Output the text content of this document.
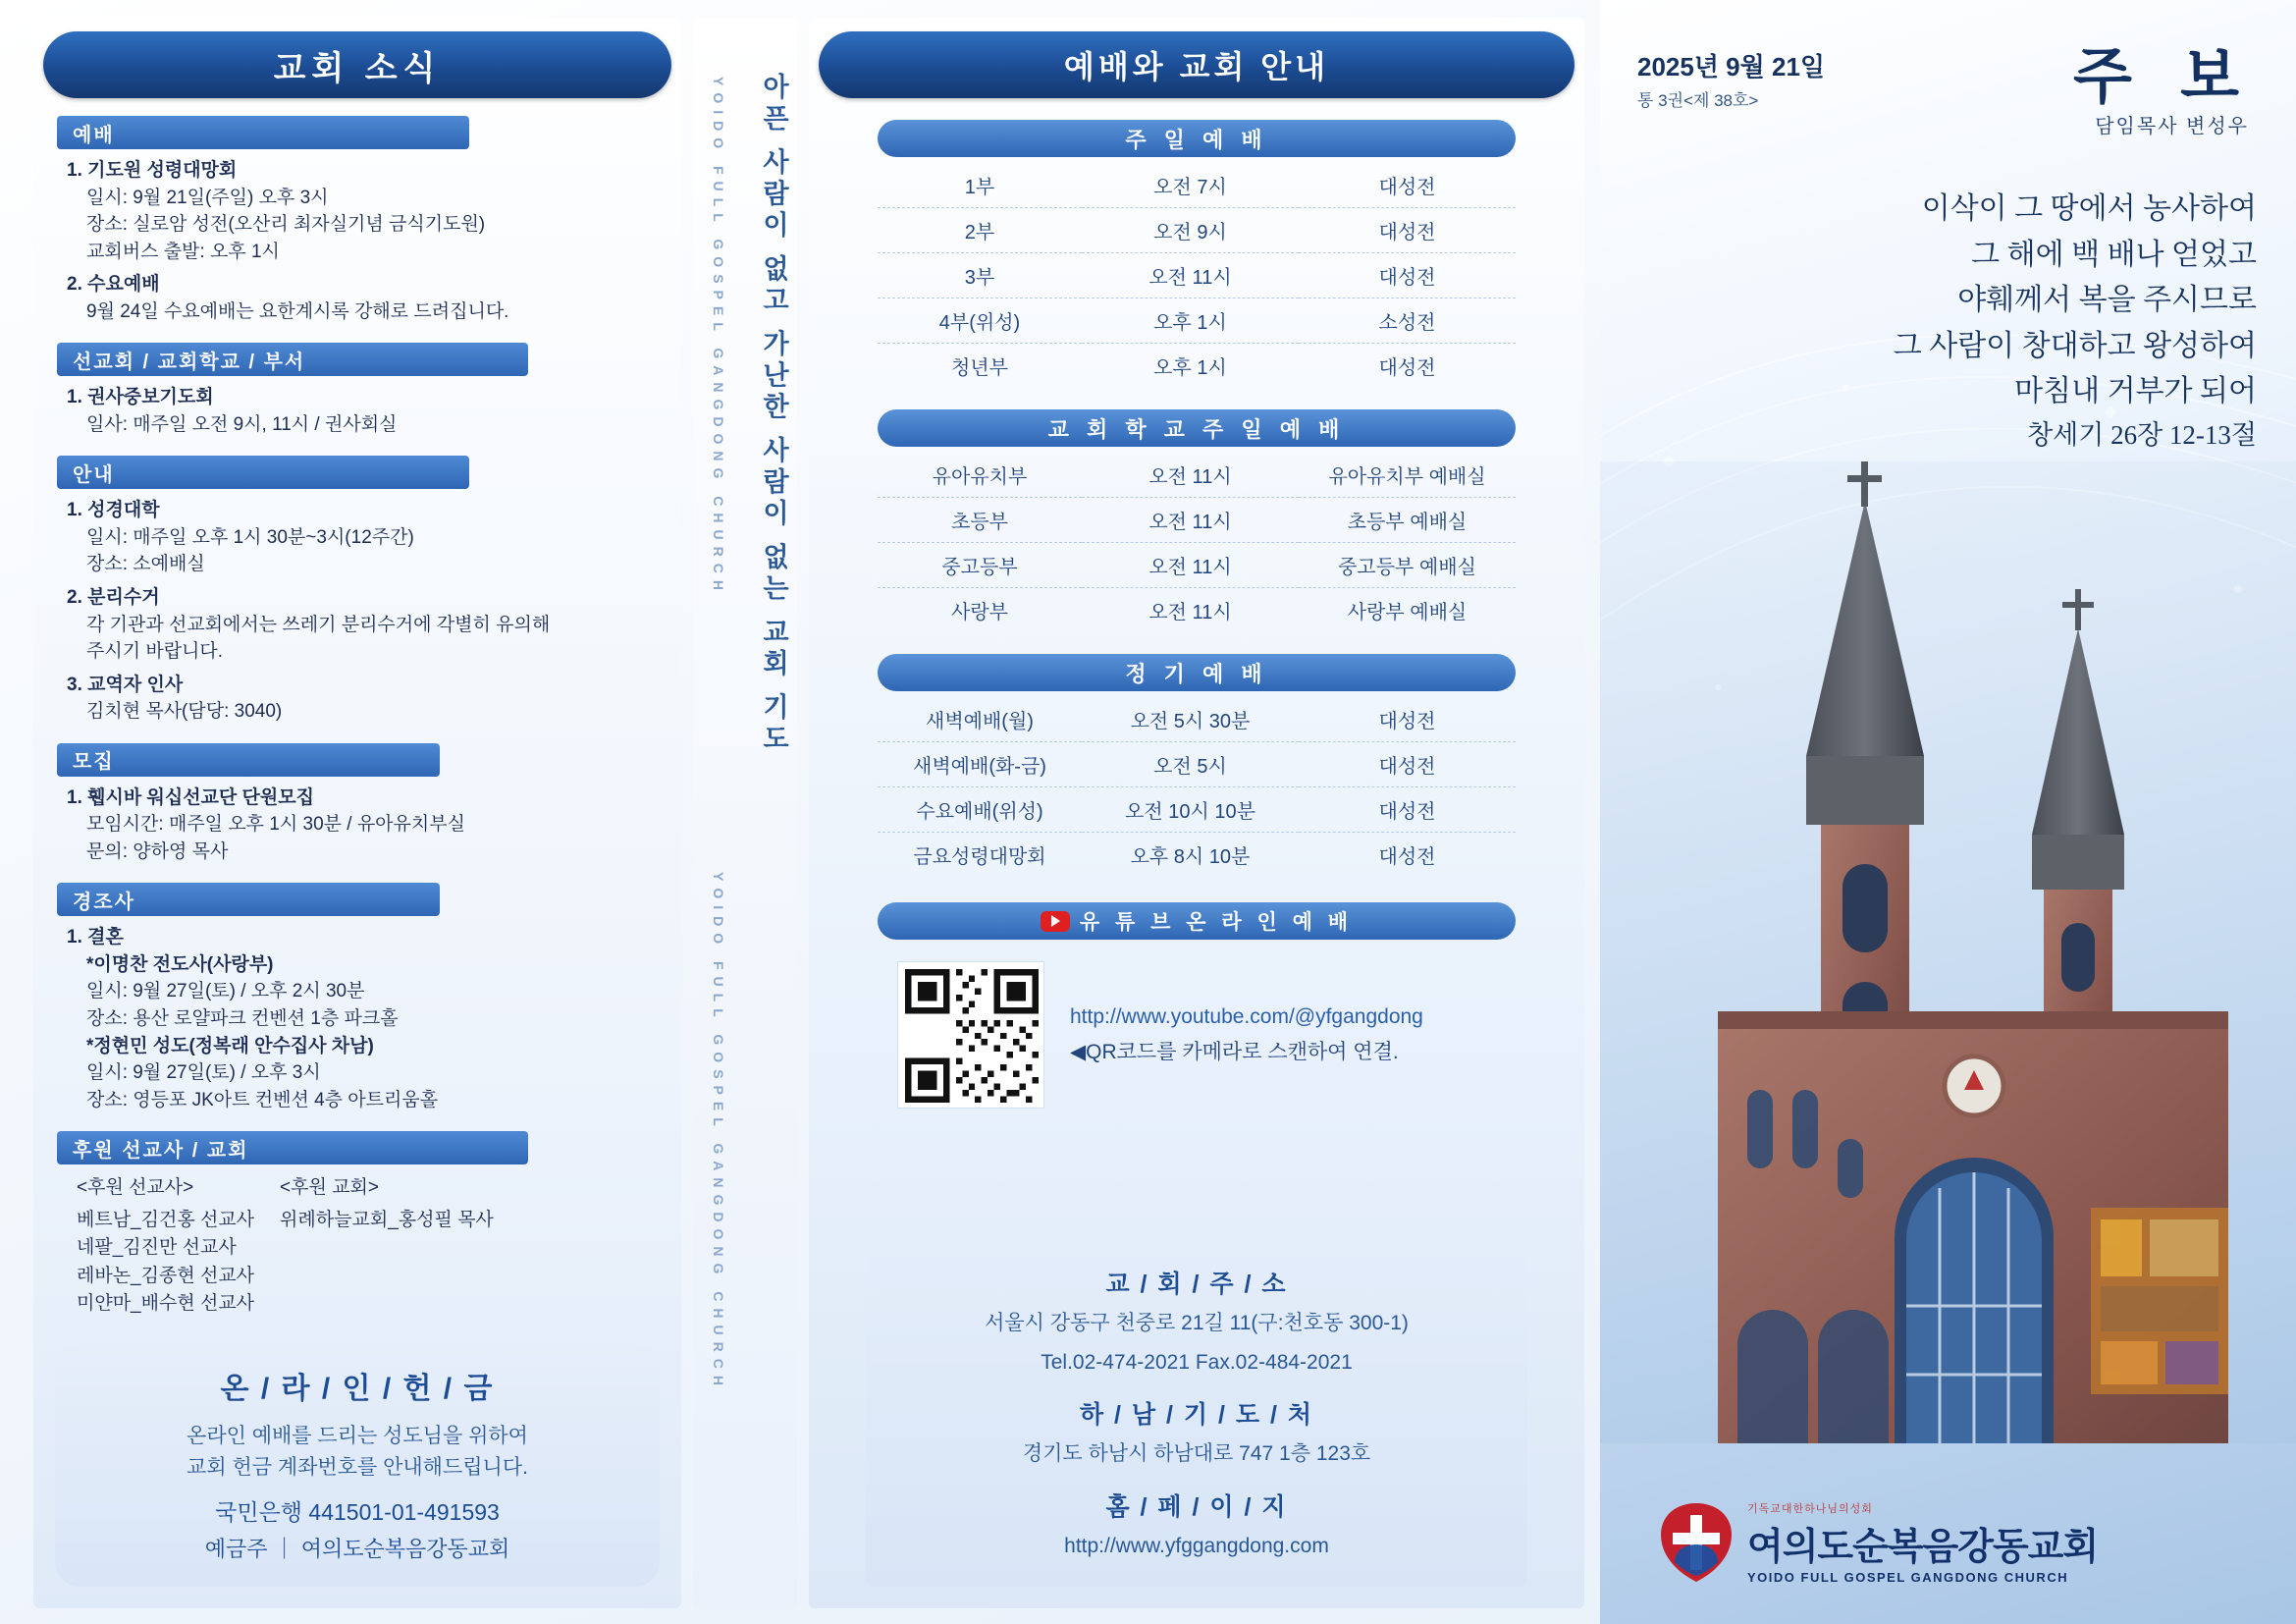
교회 소식
예배
1. 기도원 성령대망회
일시: 9월 21일(주일) 오후 3시
장소: 실로암 성전(오산리 최자실기념 금식기도원)
교회버스 출발: 오후 1시
2. 수요예배
9월 24일 수요예배는 요한계시록 강해로 드려집니다.
선교회 / 교회학교 / 부서
1. 권사중보기도회
일사: 매주일 오전 9시, 11시 / 권사회실
안내
1. 성경대학
일시: 매주일 오후 1시 30분~3시(12주간)
장소: 소예배실
2. 분리수거
각 기관과 선교회에서는 쓰레기 분리수거에 각별히 유의해
주시기 바랍니다.
3. 교역자 인사
김치현 목사(담당: 3040)
모집
1. 휍시바 워십선교단 단원모집
모임시간: 매주일 오후 1시 30분 / 유아유치부실
문의: 양하영 목사
경조사
1. 결혼
*이명찬 전도사(사랑부)
일시: 9월 27일(토) / 오후 2시 30분
장소: 용산 로얄파크 컨벤션 1층 파크홀
*정현민 성도(정복래 안수집사 차남)
일시: 9월 27일(토) / 오후 3시
장소: 영등포 JK아트 컨벤션 4층 아트리움홀
후원 선교사 / 교회
<후원 선교사>
베트남_김건홍 선교사
네팔_김진만 선교사
레바논_김종현 선교사
미얀마_배수현 선교사
<후원 교회>
위례하늘교회_홍성필 목사
온 / 라 / 인 / 헌 / 금
온라인 예배를 드리는 성도님을 위하여
교회 헌금 계좌번호를 안내해드립니다.
국민은행 441501-01-491593
예금주 ｜ 여의도순복음강동교회
YOIDO FULL GOSPEL GANGDONG CHURCH
YOIDO FULL GOSPEL GANGDONG CHURCH
아픈 사람이 없고 가난한 사람이 없는 교회 기도
예배와 교회 안내
주 일 예 배
1부	오전 7시	대성전
2부	오전 9시	대성전
3부	오전 11시	대성전
4부(위성)	오후 1시	소성전
청년부	오후 1시	대성전
교 회 학 교 주 일 예 배
유아유치부	오전 11시	유아유치부 예배실
초등부	오전 11시	초등부 예배실
중고등부	오전 11시	중고등부 예배실
사랑부	오전 11시	사랑부 예배실
정 기 예 배
새벽예배(월)	오전 5시 30분	대성전
새벽예배(화-금)	오전 5시	대성전
수요예배(위성)	오전 10시 10분	대성전
금요성령대망회	오후 8시 10분	대성전
유 튜 브 온 라 인 예 배
http://www.youtube.com/@yfgangdong
◀QR코드를 카메라로 스캔하여 연결.
교 / 회 / 주 / 소
서울시 강동구 천중로 21길 11(구:천호동 300-1)
Tel.02-474-2021 Fax.02-484-2021
하 / 남 / 기 / 도 / 처
경기도 하남시 하남대로 747 1층 123호
홈 / 페 / 이 / 지
http://www.yfggangdong.com
2025년 9월 21일
통 3권<제 38호>	주 보
담임목사 변성우
이삭이 그 땅에서 농사하여
그 해에 백 배나 얻었고
야훼께서 복을 주시므로
그 사람이 창대하고 왕성하여
마침내 거부가 되어
창세기 26장 12-13절
기독교대한하나님의성회
여의도순복음강동교회
YOIDO FULL GOSPEL GANGDONG CHURCH
